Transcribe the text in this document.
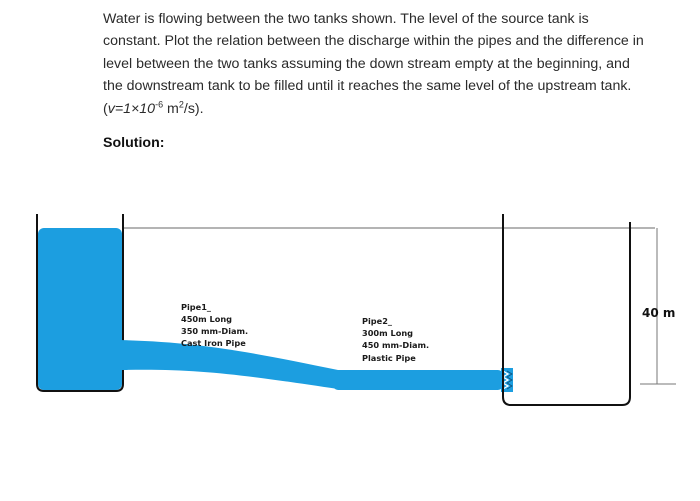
Water is flowing between the two tanks shown. The level of the source tank is constant. Plot the relation between the discharge within the pipes and the difference in level between the two tanks assuming the down stream empty at the beginning, and the downstream tank to be filled until it reaches the same level of the upstream tank. ($v=1\times 10^{-6}$ $m^2/s$).

Solution:
40 m
Pipe1_
450m Long
350 mm-Diam.
Cast Iron Pipe
Pipe2_
300m Long
450 mm-Diam.
Plastic Pipe
